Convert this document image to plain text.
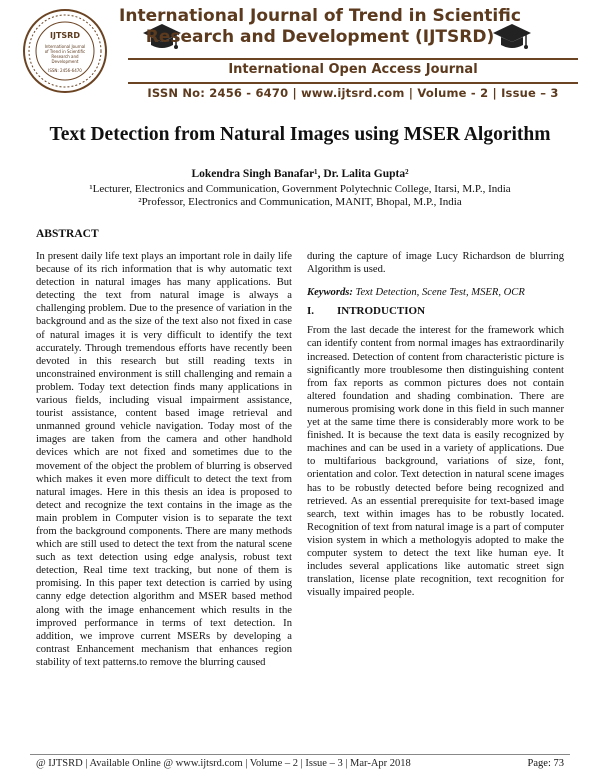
IJTSRD
International Journal
of Trend in Scientific
Research and
Development
ISSN: 2456-6470
International Journal of Trend in Scientific
Research and Development (IJTSRD)
International Open Access Journal
ISSN No: 2456 - 6470 | www.ijtsrd.com | Volume - 2 | Issue – 3
Text Detection from Natural Images using MSER Algorithm
Lokendra Singh Banafar¹, Dr. Lalita Gupta²
¹Lecturer, Electronics and Communication, Government Polytechnic College, Itarsi, M.P., India
²Professor, Electronics and Communication, MANIT, Bhopal, M.P., India
ABSTRACT
In present daily life text plays an important role in daily life because of its rich information that is why automatic text detection in natural images has many applications. But detecting the text from natural image is always a challenging problem. Due to the presence of variation in the background and as the size of the text also not fixed in case of natural images it is very difficult to identify the text accurately. Through tremendous efforts have recently been devoted in this research but still reading texts in unconstrained environment is still challenging and remain a problem. Today text detection finds many applications in various fields, including visual impairment assistance, tourist assistance, content based image retrieval and unmanned ground vehicle navigation. Today most of the images are taken from the camera and other handhold devices which are not fixed and sometimes due to the movement of the object the problem of blurring is observed which makes it even more difficult to detect the text from natural images. Here in this thesis an idea is proposed to detect and recognize the text contains in the image as the main problem in Computer vision is to separate the text from the background components. There are many methods which are still used to detect the text from the natural scene such as text detection using edge analysis, robust text detection, Real time text tracking, but none of them is promising. In this paper text detection is carried by using canny edge detection algorithm and MSER based method along with the image enhancement which results in the improved performance in terms of text detection. In addition, we improve current MSERs by developing a contrast Enhancement mechanism that enhances region stability of text patterns.to remove the blurring caused
during the capture of image Lucy Richardson de blurring Algorithm is used.
Keywords: Text Detection, Scene Test, MSER, OCR
I. INTRODUCTION
From the last decade the interest for the framework which can identify content from normal images has extraordinarily increased. Detection of content from characteristic picture is significantly more troublesome then distinguishing content from fax reports as common pictures does not contain altered foundation and shading combination. There are numerous promising work done in this field in such manner yet at the same time there is considerably more work to be finished. It is because the text data is easily recognized by machines and can be used in a variety of applications. Due to multifarious background, variations of size, font, orientation and color. Text detection in natural scene images has to be robustly detected before being recognized and retrieved. As an essential prerequisite for text-based image search, text within images has to be robustly located. Recognition of text from natural image is a part of computer vision system in which a methologyis adopted to make the computer system to detect the text like human eye. It includes several applications like automatic street sign translation, license plate recognition, text recognition for visually impaired people.
@ IJTSRD | Available Online @ www.ijtsrd.com | Volume – 2 | Issue – 3 | Mar-Apr 2018	Page: 73
